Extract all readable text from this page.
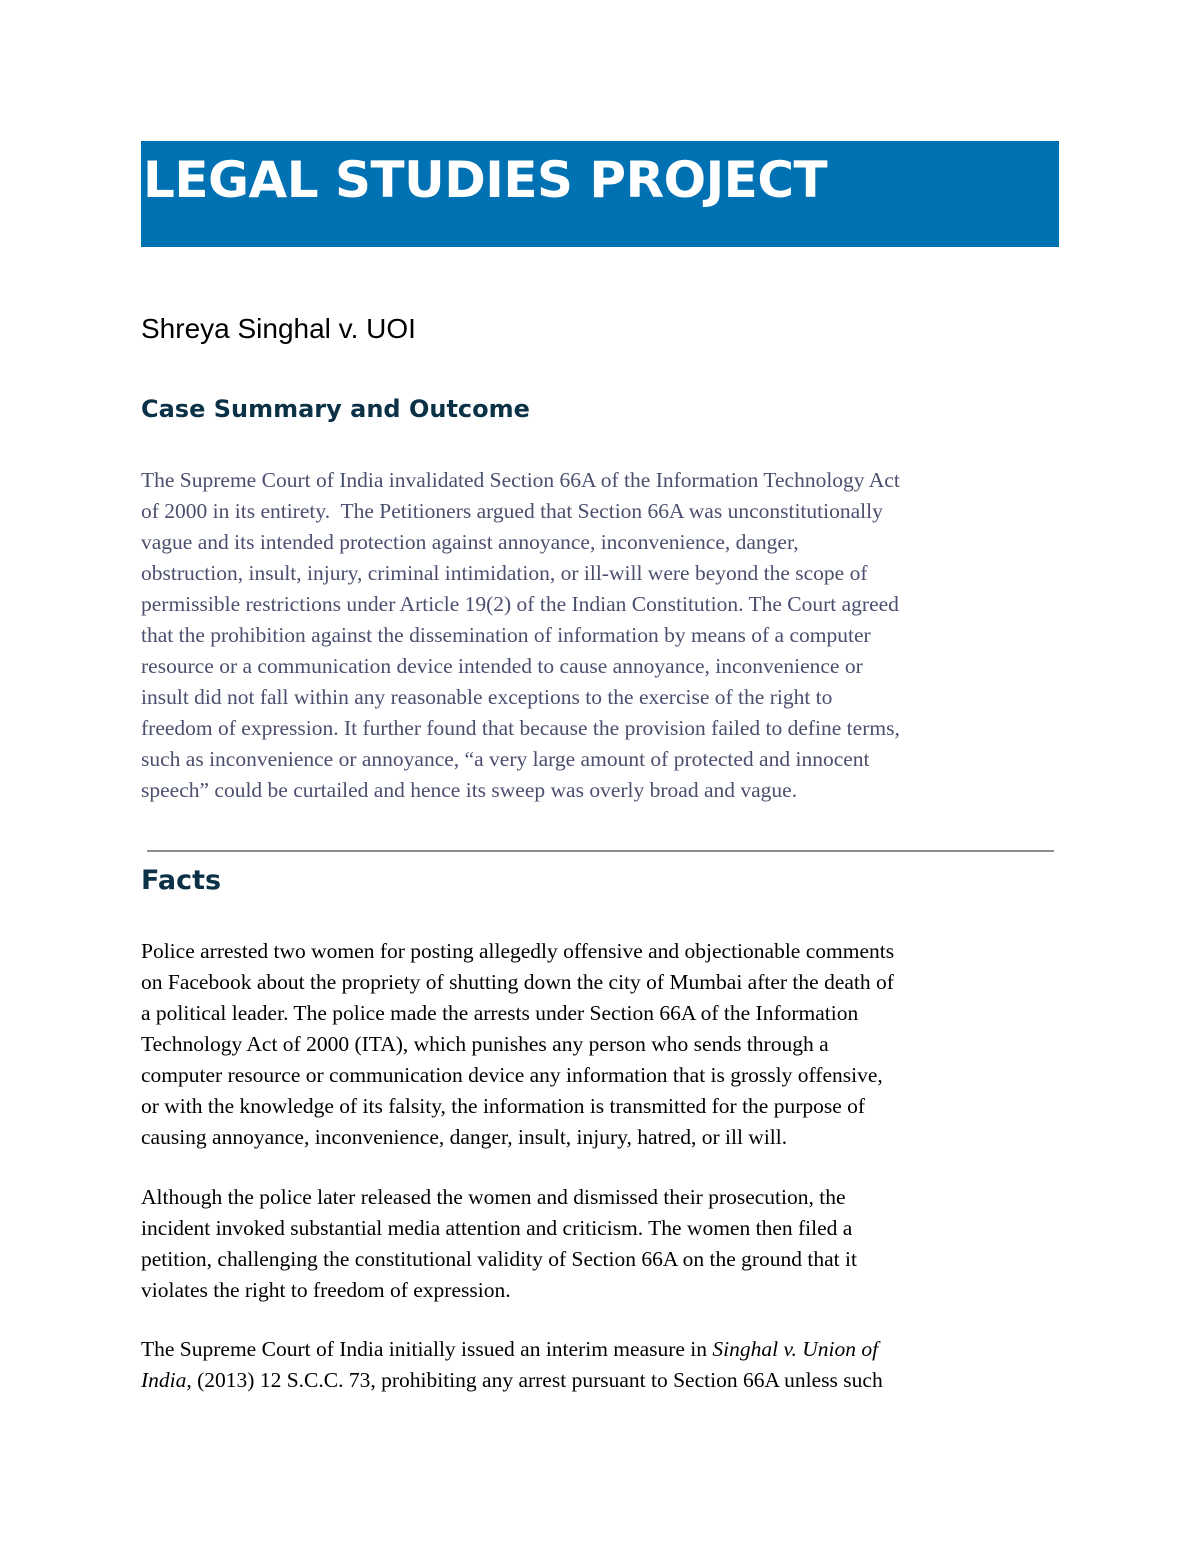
LEGAL STUDIES PROJECT

Shreya Singhal v. UOI

Case Summary and Outcome

The Supreme Court of India invalidated Section 66A of the Information Technology Act
of 2000 in its entirety.  The Petitioners argued that Section 66A was unconstitutionally
vague and its intended protection against annoyance, inconvenience, danger,
obstruction, insult, injury, criminal intimidation, or ill-will were beyond the scope of
permissible restrictions under Article 19(2) of the Indian Constitution. The Court agreed
that the prohibition against the dissemination of information by means of a computer
resource or a communication device intended to cause annoyance, inconvenience or
insult did not fall within any reasonable exceptions to the exercise of the right to
freedom of expression. It further found that because the provision failed to define terms,
such as inconvenience or annoyance, “a very large amount of protected and innocent
speech” could be curtailed and hence its sweep was overly broad and vague.

Facts

Police arrested two women for posting allegedly offensive and objectionable comments
on Facebook about the propriety of shutting down the city of Mumbai after the death of
a political leader. The police made the arrests under Section 66A of the Information
Technology Act of 2000 (ITA), which punishes any person who sends through a
computer resource or communication device any information that is grossly offensive,
or with the knowledge of its falsity, the information is transmitted for the purpose of
causing annoyance, inconvenience, danger, insult, injury, hatred, or ill will.

Although the police later released the women and dismissed their prosecution, the
incident invoked substantial media attention and criticism. The women then filed a
petition, challenging the constitutional validity of Section 66A on the ground that it
violates the right to freedom of expression.

The Supreme Court of India initially issued an interim measure in Singhal v. Union of
India, (2013) 12 S.C.C. 73, prohibiting any arrest pursuant to Section 66A unless such
